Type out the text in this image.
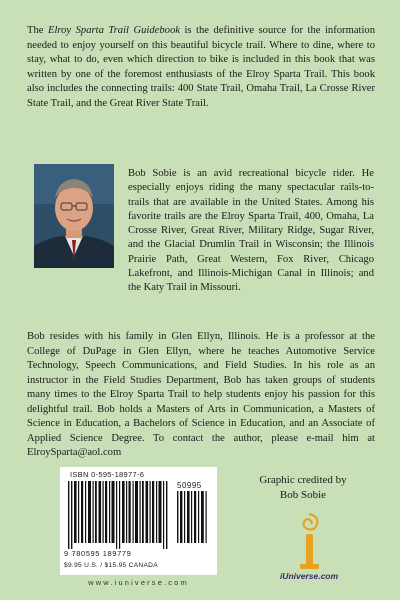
The Elroy Sparta Trail Guidebook is the definitive source for the information needed to enjoy yourself on this beautiful bicycle trail. Where to dine, where to stay, what to do, even which direction to bike is included in this book that was written by one of the foremost enthusiasts of the Elroy Sparta Trail. This book also includes the connecting trails: 400 State Trail, Omaha Trail, La Crosse River State Trail, and the Great River State Trail.

Bob Sobie is an avid recreational bicycle rider. He especially enjoys riding the many spectacular rails-to-trails that are available in the United States. Among his favorite trails are the Elroy Sparta Trail, 400, Omaha, La Crosse River, Great River, Military Ridge, Sugar River, and the Glacial Drumlin Trail in Wisconsin; the Illinois Prairie Path, Great Western, Fox River, Chicago Lakefront, and Illinois-Michigan Canal in Illinois; and the Katy Trail in Missouri.

Bob resides with his family in Glen Ellyn, Illinois. He is a professor at the College of DuPage in Glen Ellyn, where he teaches Automotive Service Technology, Speech Communications, and Field Studies. In his role as an instructor in the Field Studies Department, Bob has taken groups of students many times to the Elroy Sparta Trail to help students enjoy his passion for this delightful trail. Bob holds a Masters of Arts in Communication, a Masters of Science in Education, a Bachelors of Science in Education, and an Associate of Applied Science Degree. To contact the author, please e-mail him at ElroySparta@aol.com

ISBN 0-595-18977-6
50995
9 780595 189779
$9.95 U.S. / $15.95 CANADA
www.iuniverse.com
Graphic credited by
Bob Sobie
iUniverse.com
